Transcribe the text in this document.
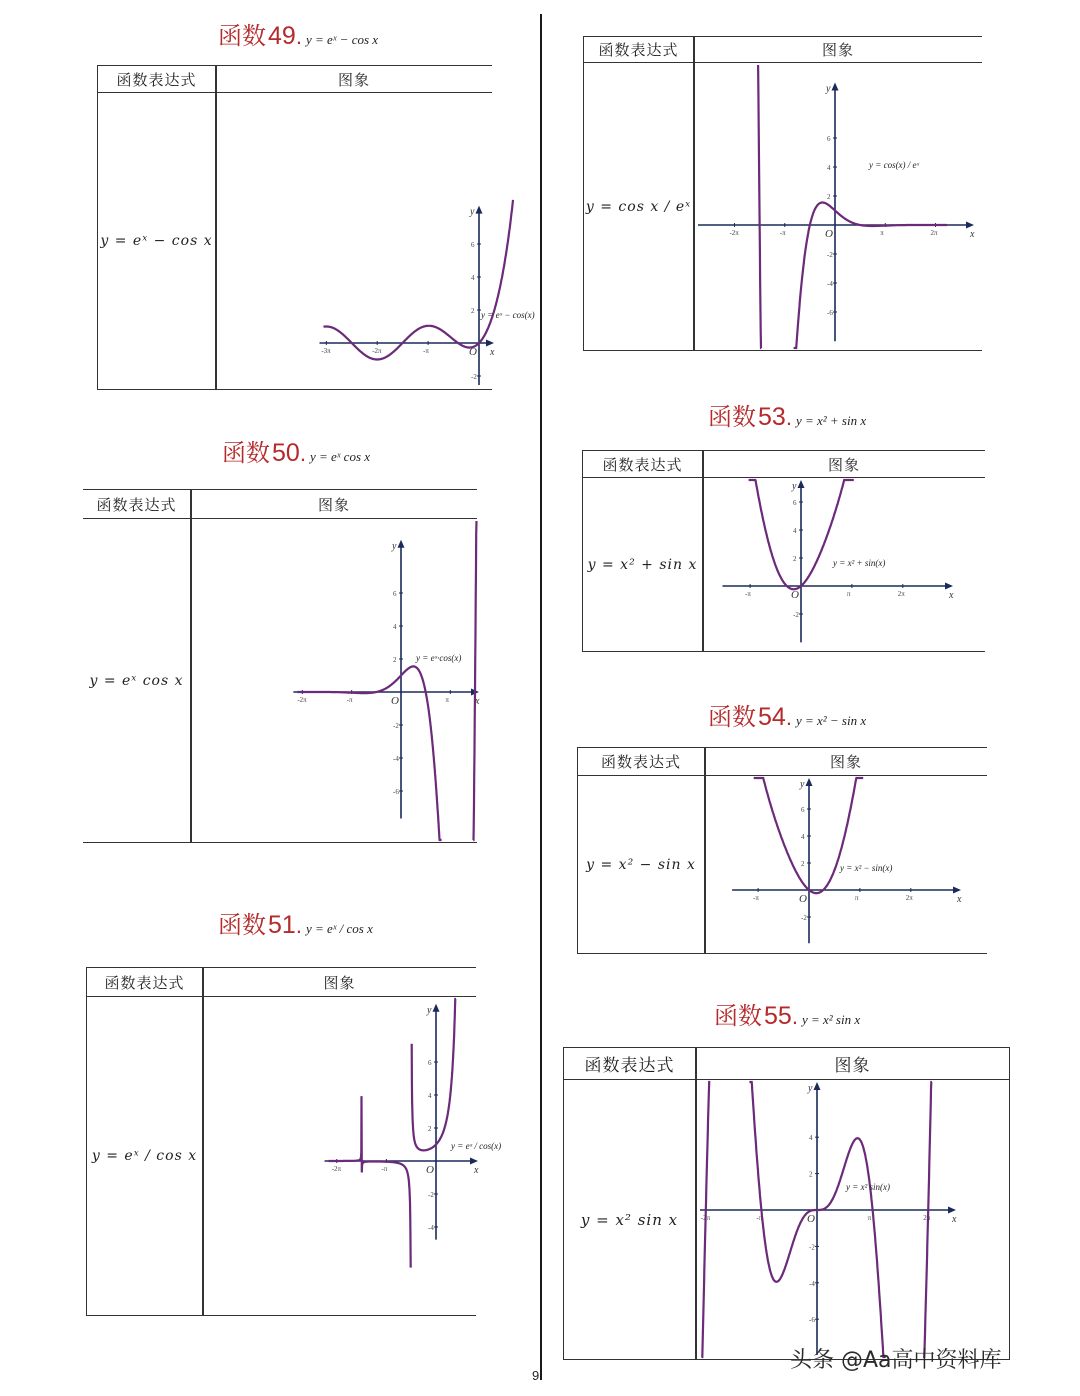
函数 49 . y = eˣ − cos x
函数表达式	图象
y = eˣ − cos x
x
y
O
-3π	-2π	-π
6
4
2
-2
y = eˣ − cos(x)
函数 50 . y = eˣ cos x
函数表达式	图象
y = eˣ cos x
x
y
O
-2π	-π	π
6
4
2
-2
-4
-6
y = eˣ·cos(x)
函数 51 . y = eˣ / cos x
函数表达式	图象
y = eˣ / cos x
x
y
O
-2π	-π
6
4
2
-2
-4
y = eˣ / cos(x)
函数表达式	图象
y = cos x / eˣ
x
y
O
-2π	-π	π	2π
6
4
2
-2
-4
-6
y = cos(x) / eˣ
函数 53 . y = x² + sin x
函数表达式	图象
y = x² + sin x
x
y
O
-π	π	2π
6
4
2
-2
y = x² + sin(x)
函数 54 . y = x² − sin x
函数表达式	图象
y = x² − sin x
x
y
O
-π	π	2π
6
4
2
-2
y = x² − sin(x)
函数 55 . y = x² sin x
函数表达式	图象
y = x² sin x	x
y
O
-2π	-π	π	2π
4
2
-2
-4
-6
y = x² sin(x)
9
头条 @Aa高中资料库
